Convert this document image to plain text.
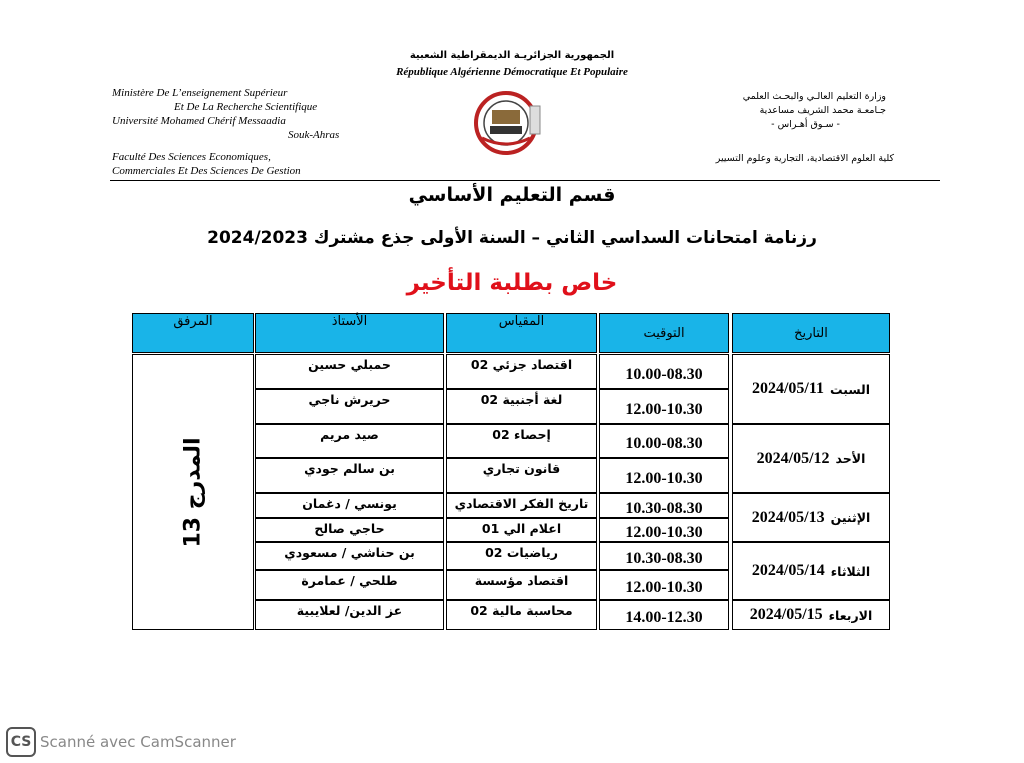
الجمهورية الجزائريـة الديمقراطية الشعبية
République Algérienne Démocratique Et Populaire
Ministère De L’enseignement Supérieur
Et De La Recherche Scientifique
Université Mohamed Chérif Messaadia
Souk-Ahras
Faculté Des Sciences Economiques,
Commerciales Et Des Sciences De Gestion
وزارة التعليم العالـي والبحـث العلمي
جـامعـة محمد الشريف مساعدية
- سـوق أهـراس -
كلية العلوم الاقتصادية، التجارية وعلوم التسيير
قسم التعليم الأساسي
رزنامة امتحانات السداسي الثاني – السنة الأولى جذع مشترك 2024/2023
خاص بطلبة التأخير
التاريخ
التوقيت
المقياس
الأستاذ
المرفق
10.00-08.30
اقتصاد جزئي 02
حمبلي حسين
12.00-10.30
لغة أجنبية 02
حريرش ناجي
10.00-08.30
إحصاء 02
صيد مريم
12.00-10.30
قانون تجاري
بن سالم جودي
10.30-08.30
تاريخ الفكر الاقتصادي
يونسي / دغمان
12.00-10.30
اعلام الي 01
حاجي صالح
10.30-08.30
رياضيات 02
بن حناشي / مسعودي
12.00-10.30
اقتصاد مؤسسة
طلحي / عمامرة
14.00-12.30
محاسبة مالية 02
عز الدين/ لعلايبية
السبت
2024/05/11
الأحد
2024/05/12
الإثنين
2024/05/13
الثلاثاء
2024/05/14
الاربعاء
2024/05/15
المدرج 13
CS Scanné avec CamScanner
